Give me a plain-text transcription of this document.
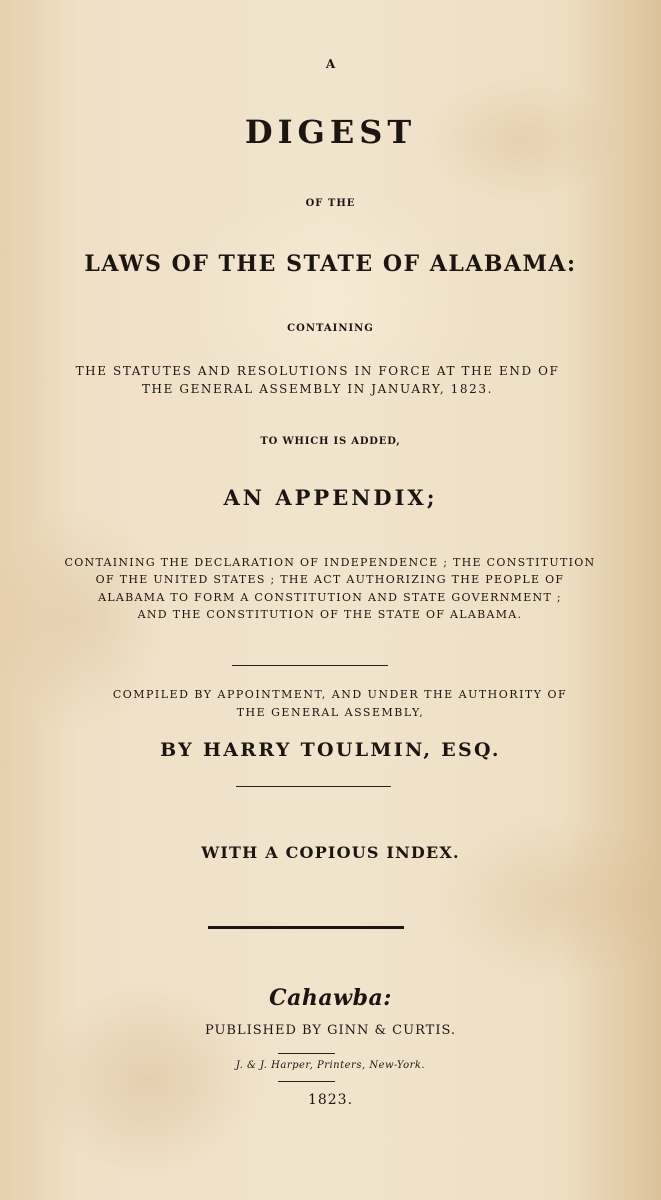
A
DIGEST
OF THE
LAWS OF THE STATE OF ALABAMA:
CONTAINING
THE STATUTES AND RESOLUTIONS IN FORCE AT THE END OF
THE GENERAL ASSEMBLY IN JANUARY, 1823.
TO WHICH IS ADDED,
AN APPENDIX;
CONTAINING THE DECLARATION OF INDEPENDENCE ; THE CONSTITUTION
OF THE UNITED STATES ; THE ACT AUTHORIZING THE PEOPLE OF
ALABAMA TO FORM A CONSTITUTION AND STATE GOVERNMENT ;
AND THE CONSTITUTION OF THE STATE OF ALABAMA.
COMPILED BY APPOINTMENT, AND UNDER THE AUTHORITY OF
THE GENERAL ASSEMBLY,
BY HARRY TOULMIN, ESQ.
WITH A COPIOUS INDEX.
Cahawba:
PUBLISHED BY GINN & CURTIS.
J. & J. Harper, Printers, New-York.
1823.
